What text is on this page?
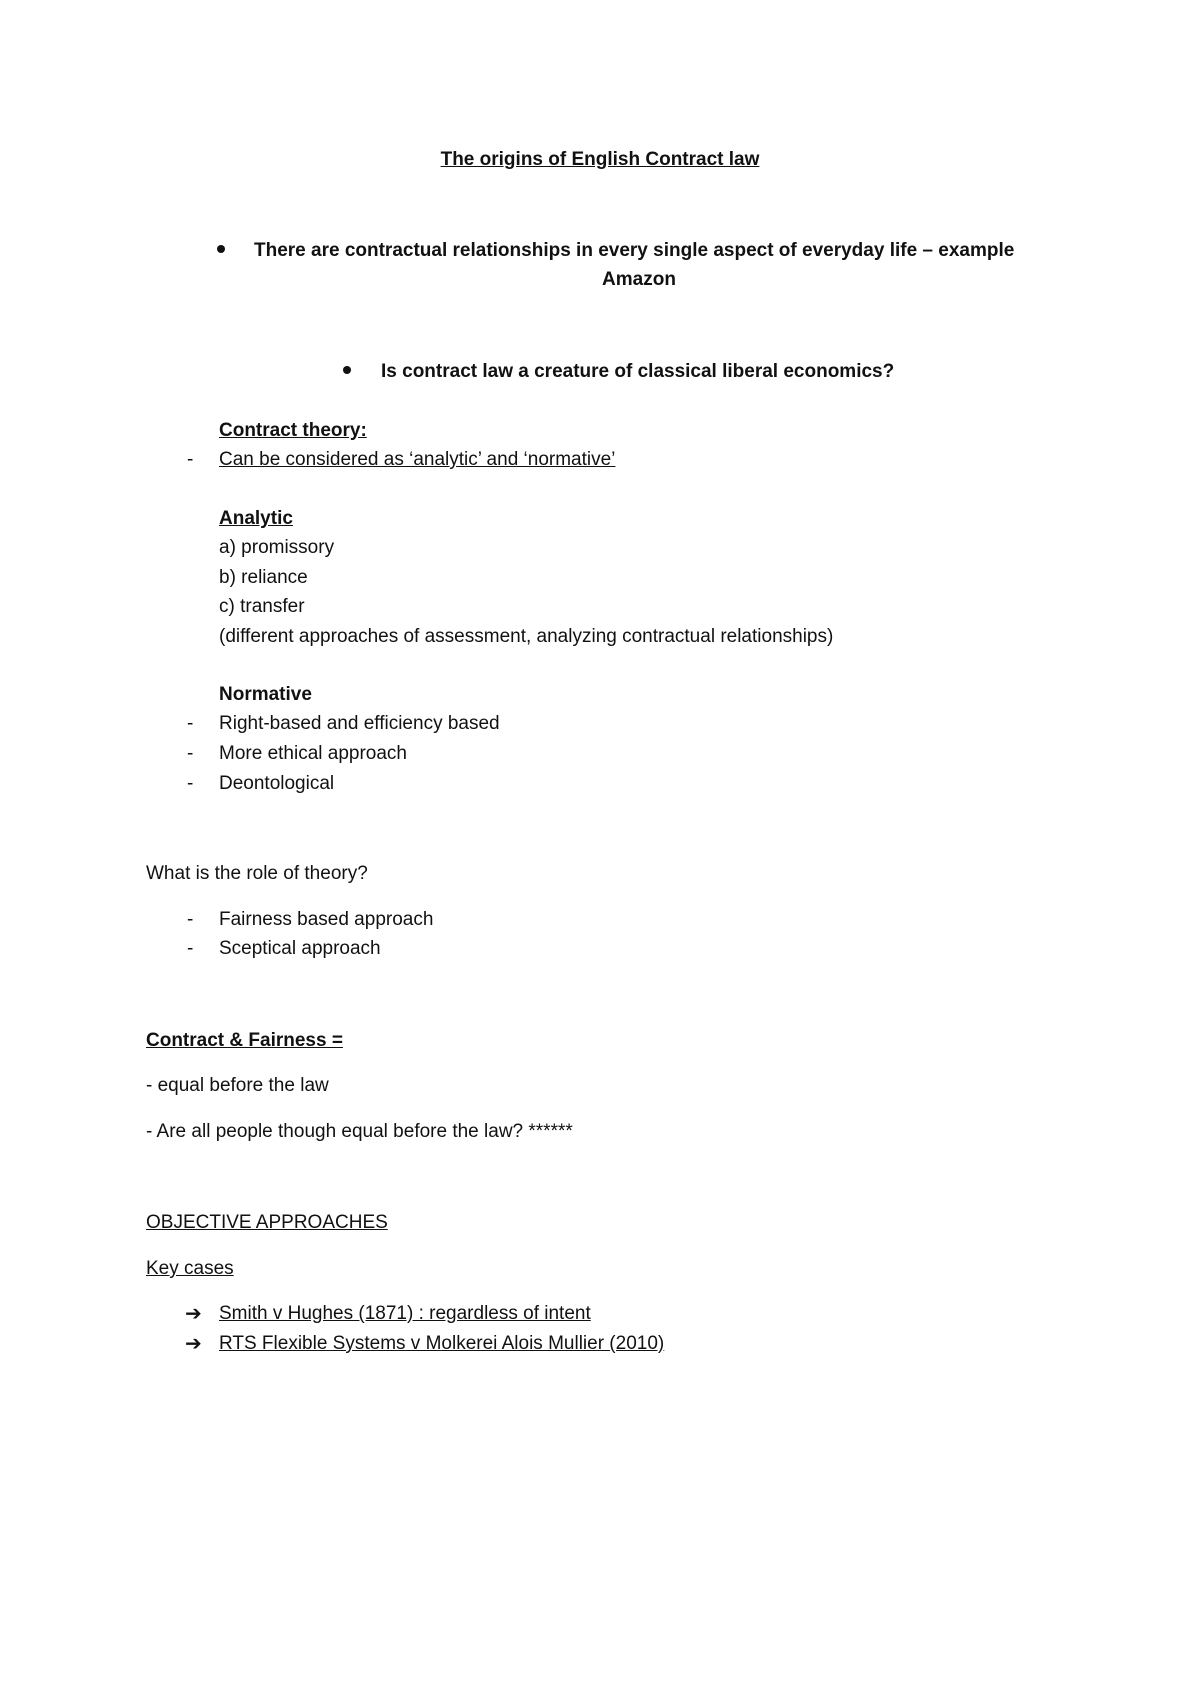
The origins of English Contract law
There are contractual relationships in every single aspect of everyday life – example
Amazon
Is contract law a creature of classical liberal economics?
Contract theory:
- Can be considered as ‘analytic’ and ‘normative’
Analytic
a) promissory
b) reliance
c) transfer
(different approaches of assessment, analyzing contractual relationships)
Normative
- Right-based and efficiency based
- More ethical approach
- Deontological
What is the role of theory?
- Fairness based approach
- Sceptical approach
Contract & Fairness =
- equal before the law
- Are all people though equal before the law? ******
OBJECTIVE APPROACHES
Key cases
➔ Smith v Hughes (1871) : regardless of intent
➔ RTS Flexible Systems v Molkerei Alois Mullier (2010)
